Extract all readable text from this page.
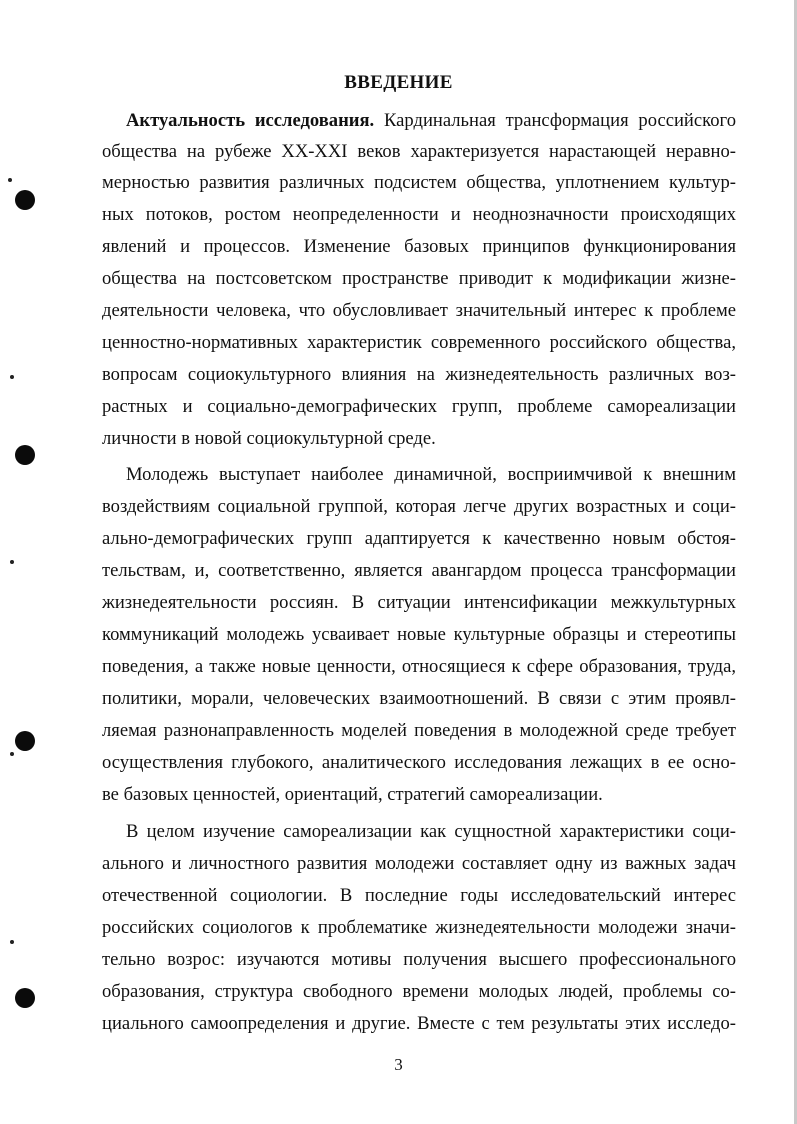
ВВЕДЕНИЕ
Актуальность исследования. Кардинальная трансформация российского
общества на рубеже XX-XXI веков характеризуется нарастающей неравно-
мерностью развития различных подсистем общества, уплотнением культур-
ных потоков, ростом неопределенности и неоднозначности происходящих
явлений и процессов. Изменение базовых принципов функционирования
общества на постсоветском пространстве приводит к модификации жизне-
деятельности человека, что обусловливает значительный интерес к проблеме
ценностно-нормативных характеристик современного российского общества,
вопросам социокультурного влияния на жизнедеятельность различных воз-
растных и социально-демографических групп, проблеме самореализации
личности в новой социокультурной среде.
Молодежь выступает наиболее динамичной, восприимчивой к внешним
воздействиям социальной группой, которая легче других возрастных и соци-
ально-демографических групп адаптируется к качественно новым обстоя-
тельствам, и, соответственно, является авангардом процесса трансформации
жизнедеятельности россиян. В ситуации интенсификации межкультурных
коммуникаций молодежь усваивает новые культурные образцы и стереотипы
поведения, а также новые ценности, относящиеся к сфере образования, труда,
политики, морали, человеческих взаимоотношений. В связи с этим проявл-
ляемая разнонаправленность моделей поведения в молодежной среде требует
осуществления глубокого, аналитического исследования лежащих в ее осно-
ве базовых ценностей, ориентаций, стратегий самореализации.
В целом изучение самореализации как сущностной характеристики соци-
ального и личностного развития молодежи составляет одну из важных задач
отечественной социологии. В последние годы исследовательский интерес
российских социологов к проблематике жизнедеятельности молодежи значи-
тельно возрос: изучаются мотивы получения высшего профессионального
образования, структура свободного времени молодых людей, проблемы со-
циального самоопределения и другие. Вместе с тем результаты этих исследо-
3
